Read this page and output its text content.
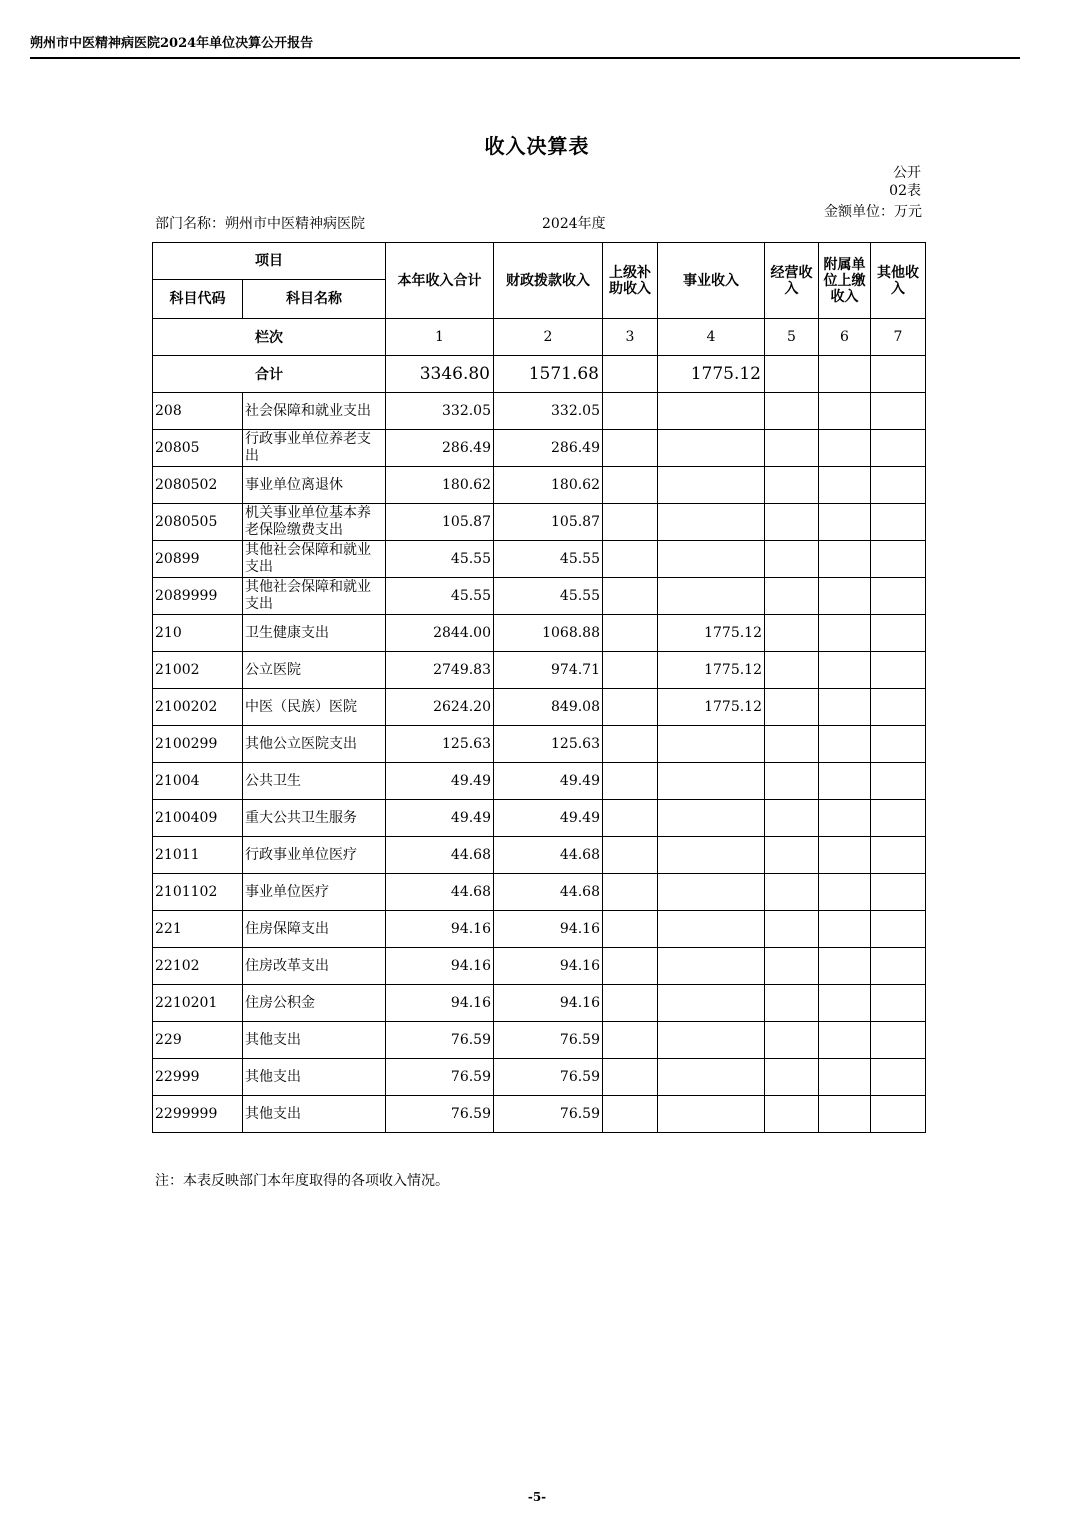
朔州市中医精神病医院2024年单位决算公开报告
收入决算表
公开02表
部门名称：朔州市中医精神病医院	2024年度
金额单位：万元
项目		本年收入合计	财政拨款收入	上级补助收入	事业收入	经营收入	附属单位上缴收入	其他收入
科目代码	科目名称							
栏次		1	2	3	4	5	6	7
合计		3346.80	1571.68		1775.12			
208	社会保障和就业支出	332.05	332.05					
20805	行政事业单位养老支出	286.49	286.49					
2080502	事业单位离退休	180.62	180.62					
2080505	机关事业单位基本养老保险缴费支出	105.87	105.87					
20899	其他社会保障和就业支出	45.55	45.55					
2089999	其他社会保障和就业支出	45.55	45.55					
210	卫生健康支出	2844.00	1068.88		1775.12			
21002	公立医院	2749.83	974.71		1775.12			
2100202	中医（民族）医院	2624.20	849.08		1775.12			
2100299	其他公立医院支出	125.63	125.63					
21004	公共卫生	49.49	49.49					
2100409	重大公共卫生服务	49.49	49.49					
21011	行政事业单位医疗	44.68	44.68					
2101102	事业单位医疗	44.68	44.68					
221	住房保障支出	94.16	94.16					
22102	住房改革支出	94.16	94.16					
2210201	住房公积金	94.16	94.16					
229	其他支出	76.59	76.59					
22999	其他支出	76.59	76.59					
2299999	其他支出	76.59	76.59					
注：本表反映部门本年度取得的各项收入情况。
-5-
